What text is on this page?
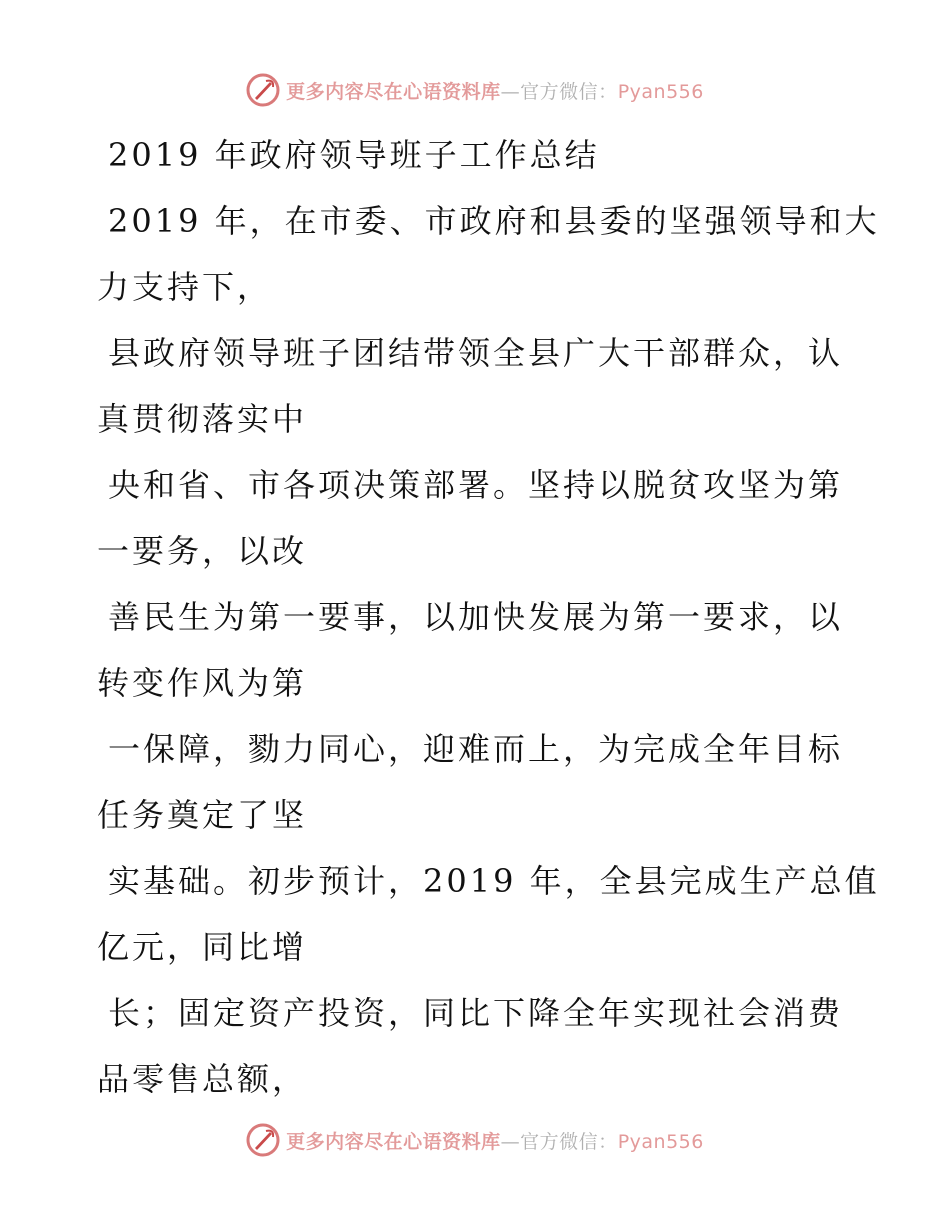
更多内容尽在心语资料库—官方微信：Pyan556
2019 年政府领导班子工作总结
2019 年，在市委、市政府和县委的坚强领导和大
力支持下，
县政府领导班子团结带领全县广大干部群众，认
真贯彻落实中
央和省、市各项决策部署。坚持以脱贫攻坚为第
一要务，以改
善民生为第一要事，以加快发展为第一要求，以
转变作风为第
一保障，勠力同心，迎难而上，为完成全年目标
任务奠定了坚
实基础。初步预计，2019 年，全县完成生产总值
亿元，同比增
长；固定资产投资，同比下降全年实现社会消费
品零售总额，
更多内容尽在心语资料库—官方微信：Pyan556
